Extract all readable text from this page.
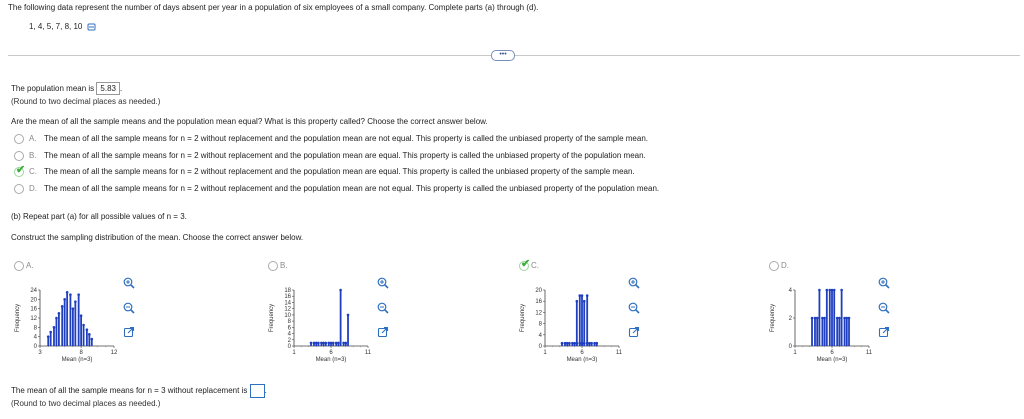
The following data represent the number of days absent per year in a population of six employees of a small company. Complete parts (a) through (d).
1, 4, 5, 7, 8, 10
•••
The population mean is 5.83 .
(Round to two decimal places as needed.)
Are the mean of all the sample means and the population mean equal? What is this property called? Choose the correct answer below.
A. The mean of all the sample means for n = 2 without replacement and the population mean are not equal. This property is called the unbiased property of the sample mean.
B. The mean of all the sample means for n = 2 without replacement and the population mean are equal. This property is called the unbiased property of the population mean.
✔ C. The mean of all the sample means for n = 2 without replacement and the population mean are equal. This property is called the unbiased property of the sample mean.
D. The mean of all the sample means for n = 2 without replacement and the population mean are not equal. This property is called the unbiased property of the population mean.
(b) Repeat part (a) for all possible values of n = 3.
Construct the sampling distribution of the mean. Choose the correct answer below.
A.
Frequency
24
20
16
12
8
4
0
3	8	12
Mean (n=3)
B.
Frequency
18
16
14
12
10
8
6
4
2
0
1	6	11
Mean (n=3)
✔ C.
Frequency
20
16
12
8
4
0
1	6	11
Mean (n=3)
D.
Frequency
4
2
0
1	6	11
Mean (n=3)
The mean of all the sample means for n = 3 without replacement is .
(Round to two decimal places as needed.)
